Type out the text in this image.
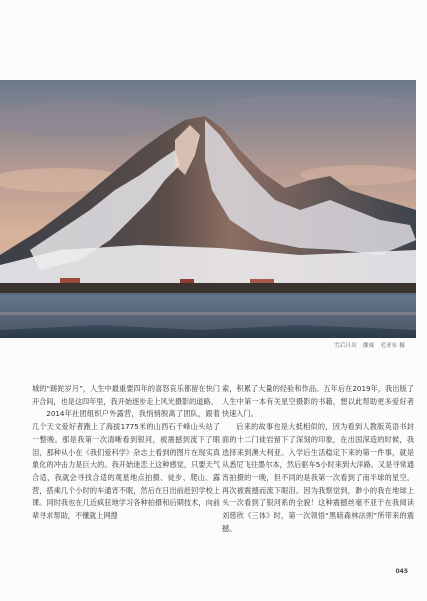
雪后日出 挪威 毛亚东 摄

城的“蹉跎岁月”，人生中最重要四年的喜怒哀乐都留在快门开合间，也是这四年里，我开始逐步走上风光摄影的道路。

2014年社团组织户外露营，我悄悄脱离了团队，跟着几个天文爱好者跑上了海拔1775米的山西石千峰山头站了一整晚。那是我第一次清晰看到银河，被震撼到流下了眼泪，那种从小在《我们爱科学》杂志上看到的图片在现实真象化的冲击力是巨大的。我开始迷恋上这种感觉，只要天气合适，我就会寻找合适的观星地点拍摄、徒步、爬山、露营，搭乘几个小时的车通宵不眠，然后在日出前赶回学校上课。同时我也在几近疯狂地学习各种拍摄和后期技术，向前辈寻求帮助，不懂就上网搜

索，积累了大量的经验和作品。五年后在2019年，我出版了人生中第一本有关星空摄影的书籍，想以此帮助更多爱好者快速入门。

后来的故事也是大抵相似的，因为看到人教版英语书封面的十二门徒岩留下了深刻的印象，在出国深造的时候，我选择来到澳大利亚。入学后生活稳定下来的第一件事，就是从悉尼飞往墨尔本，然后驱车5小时来到大洋路。又是寻常通宵拍摄的一晚，但不同的是我第一次看到了南半球的星空，再次被震撼而流下眼泪。因为我察觉到，渺小的我在地球上头一次看到了银河系的全貌！这种震撼丝毫不亚于在我阅读刘慈欣《三体》时，第一次领悟“黑暗森林法则”所带来的震撼。

045
